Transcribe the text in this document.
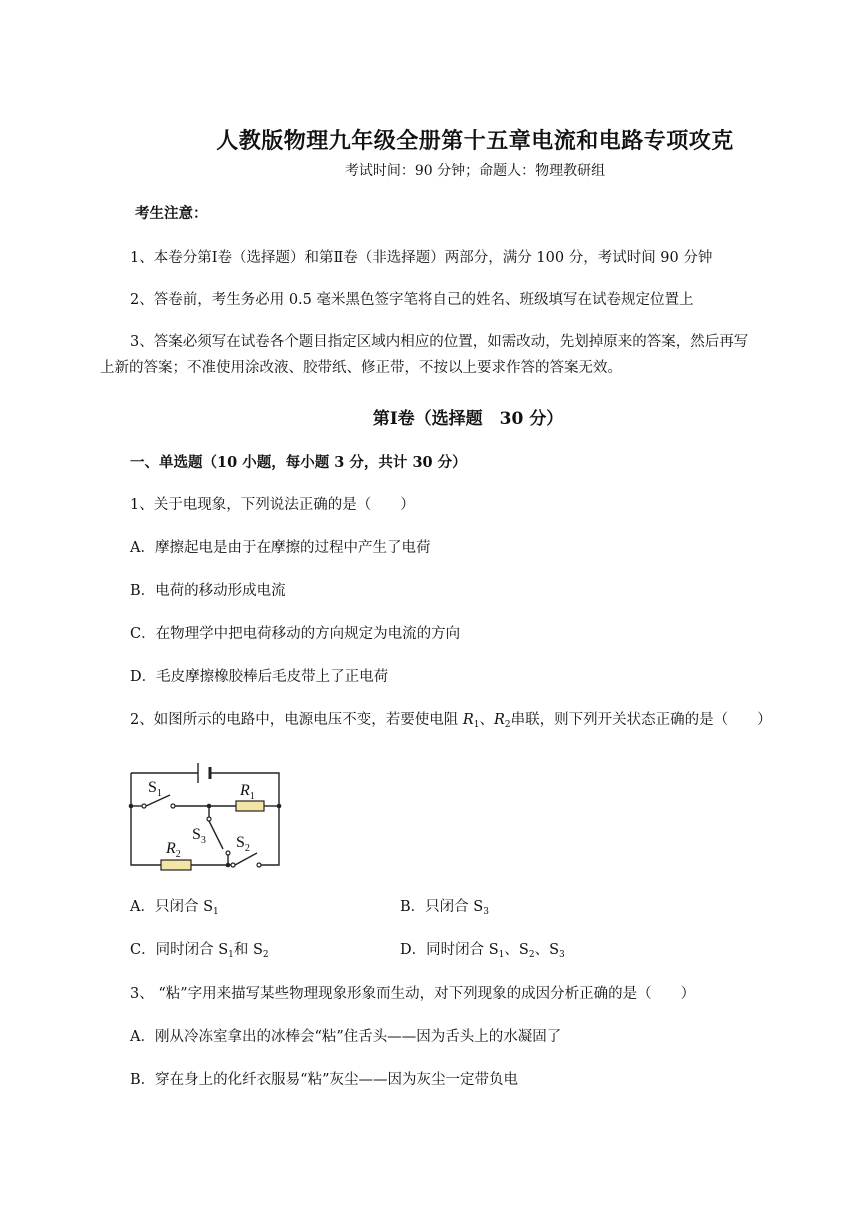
人教版物理九年级全册第十五章电流和电路专项攻克
考试时间：90 分钟；命题人：物理教研组
考生注意：
1、本卷分第Ⅰ卷（选择题）和第Ⅱ卷（非选择题）两部分，满分 100 分，考试时间 90 分钟
2、答卷前，考生务必用 0.5 毫米黑色签字笔将自己的姓名、班级填写在试卷规定位置上
3、答案必须写在试卷各个题目指定区域内相应的位置，如需改动，先划掉原来的答案，然后再写
上新的答案；不准使用涂改液、胶带纸、修正带，不按以上要求作答的答案无效。
第Ⅰ卷（选择题　30 分）
一、单选题（10 小题，每小题 3 分，共计 30 分）
1、关于电现象，下列说法正确的是（　　）
A．摩擦起电是由于在摩擦的过程中产生了电荷
B．电荷的移动形成电流
C．在物理学中把电荷移动的方向规定为电流的方向
D．毛皮摩擦橡胶棒后毛皮带上了正电荷
2、如图所示的电路中，电源电压不变，若要使电阻 $R_1$、$R_2$串联，则下列开关状态正确的是（　　）
$S_1$	$R_1$
$S_3$
$R_2$
$S_2$
A．只闭合 $S_1$	B．只闭合 $S_3$
C．同时闭合 $S_1$和 $S_2$	D．同时闭合 $S_1$、$S_2$、$S_3$
3、 “粘”字用来描写某些物理现象形象而生动，对下列现象的成因分析正确的是（　　）
A．刚从冷冻室拿出的冰棒会“粘”住舌头——因为舌头上的水凝固了
B．穿在身上的化纤衣服易“粘”灰尘——因为灰尘一定带负电
